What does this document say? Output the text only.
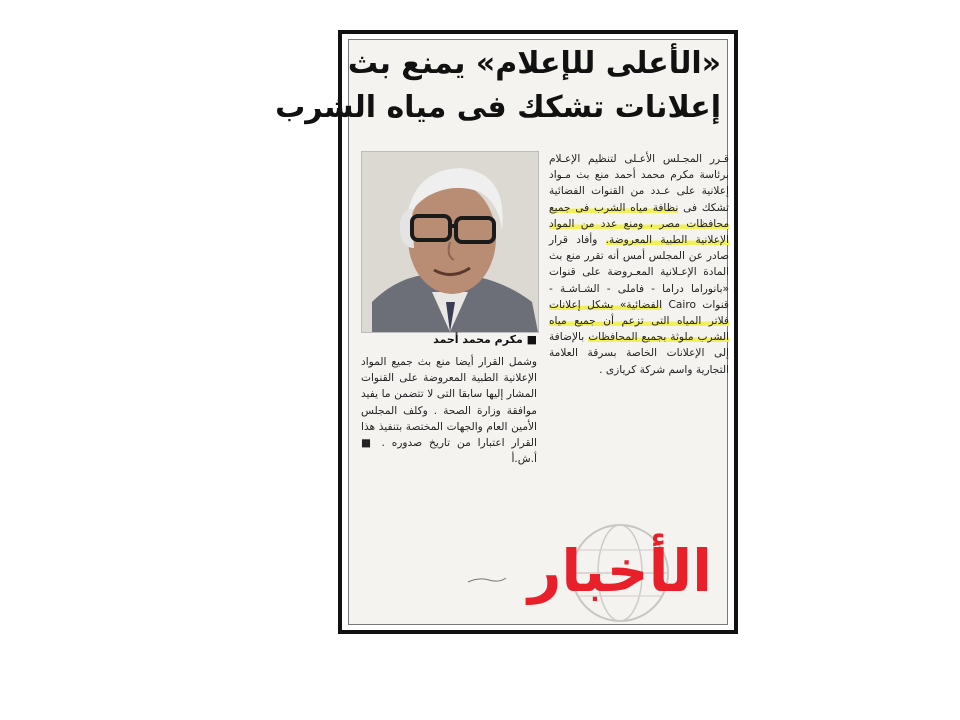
«الأعلى للإعلام» يمنع بث
إعلانات تشكك فى مياه الشرب
■ مكرم محمد أحمد
قـرر المجـلس الأعـلى لتنظيم الإعـلام برئاسة مكرم محمد أحمد منع بث مـواد إعلانية على عـدد من القنوات الفضائية تشكك فى نظافة مياه الشرب فى جميع محافظات مصر ، ومنع عدد من المواد الإعلانية الطبية المعروضة. وأفاد قرار صادر عن المجلس أمس أنه تقرر منع بث المادة الإعـلانية المعـروضة على قنوات «بانوراما دراما - فاملى - الشـاشـة - قنوات Cairo الفضائية» بشكل إعلانات فلاتر المياه التى تزعم أن جميع مياه الشرب ملوثة بجميع المحافظات بالإضافة إلى الإعلانات الخاصة بسرقة العلامة التجارية واسم شركة كريازى .
وشمل القرار أيضا منع بث جميع المواد الإعلانية الطبية المعروضة على القنوات المشار إليها سابقا التى لا تتضمن ما يفيد موافقة وزارة الصحة . وكلف المجلس الأمين العام والجهات المختصة بتنفيذ هذا القرار اعتبارا من تاريخ صدوره . ■ أ.ش.أ
الأخبار
